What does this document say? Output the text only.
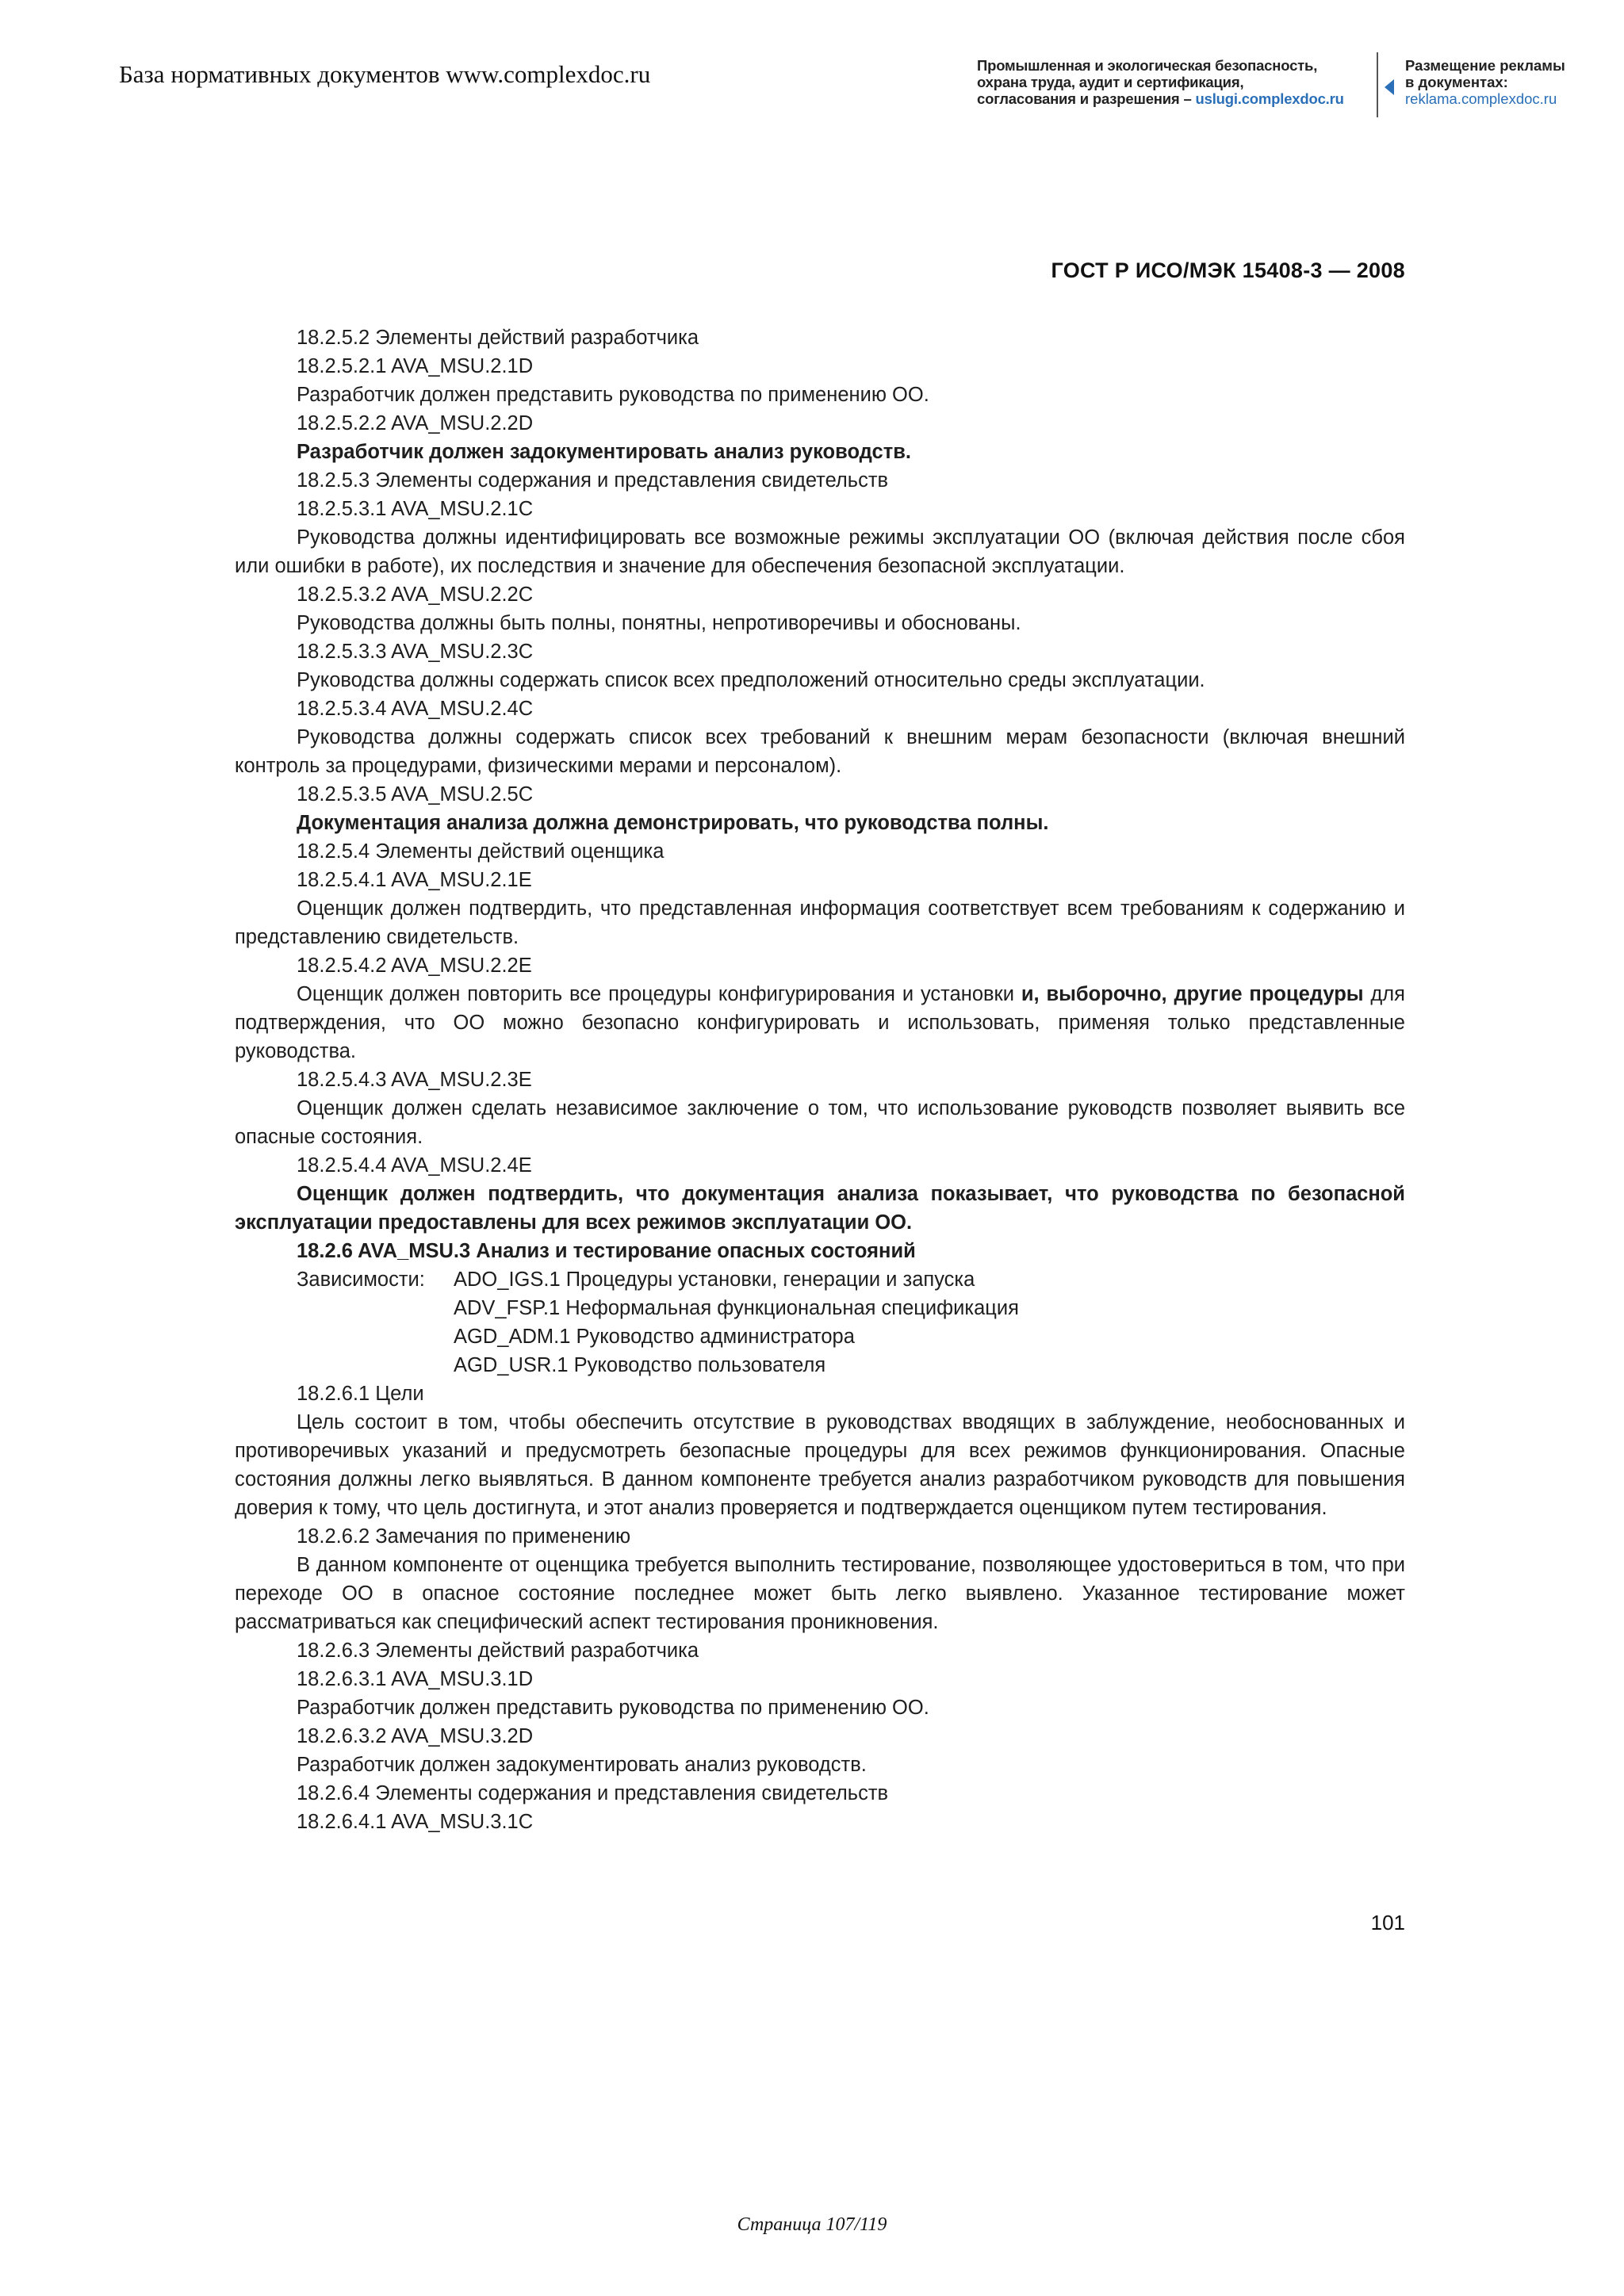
База нормативных документов www.complexdoc.ru	Промышленная и экологическая безопасность,
охрана труда, аудит и сертификация,
согласования и разрешения – uslugi.complexdoc.ru
Размещение рекламы
в документах:
reklama.complexdoc.ru
ГОСТ Р ИСО/МЭК 15408-3 — 2008

18.2.5.2 Элементы действий разработчика

18.2.5.2.1 AVA_MSU.2.1D

Разработчик должен представить руководства по применению ОО.

18.2.5.2.2 AVA_MSU.2.2D

Разработчик должен задокументировать анализ руководств.

18.2.5.3 Элементы содержания и представления свидетельств

18.2.5.3.1 AVA_MSU.2.1C

Руководства должны идентифицировать все возможные режимы эксплуатации ОО (включая действия после сбоя или ошибки в работе), их последствия и значение для обеспечения безопасной эксплуатации.

18.2.5.3.2 AVA_MSU.2.2C

Руководства должны быть полны, понятны, непротиворечивы и обоснованы.

18.2.5.3.3 AVA_MSU.2.3C

Руководства должны содержать список всех предположений относительно среды эксплуатации.

18.2.5.3.4 AVA_MSU.2.4C

Руководства должны содержать список всех требований к внешним мерам безопасности (включая внешний контроль за процедурами, физическими мерами и персоналом).

18.2.5.3.5 AVA_MSU.2.5C

Документация анализа должна демонстрировать, что руководства полны.

18.2.5.4 Элементы действий оценщика

18.2.5.4.1 AVA_MSU.2.1E

Оценщик должен подтвердить, что представленная информация соответствует всем требованиям к содержанию и представлению свидетельств.

18.2.5.4.2 AVA_MSU.2.2E

Оценщик должен повторить все процедуры конфигурирования и установки и, выборочно, другие процедуры для подтверждения, что ОО можно безопасно конфигурировать и использовать, применяя только представленные руководства.

18.2.5.4.3 AVA_MSU.2.3E

Оценщик должен сделать независимое заключение о том, что использование руководств позволяет выявить все опасные состояния.

18.2.5.4.4 AVA_MSU.2.4E

Оценщик должен подтвердить, что документация анализа показывает, что руководства по безопасной эксплуатации предоставлены для всех режимов эксплуатации ОО.

18.2.6 AVA_MSU.3 Анализ и тестирование опасных состояний

Зависимости:	ADO_IGS.1 Процедуры установки, генерации и запуска
ADV_FSP.1 Неформальная функциональная спецификация
AGD_ADM.1 Руководство администратора
AGD_USR.1 Руководство пользователя

18.2.6.1 Цели

Цель состоит в том, чтобы обеспечить отсутствие в руководствах вводящих в заблуждение, необоснованных и противоречивых указаний и предусмотреть безопасные процедуры для всех режимов функционирования. Опасные состояния должны легко выявляться. В данном компоненте требуется анализ разработчиком руководств для повышения доверия к тому, что цель достигнута, и этот анализ проверяется и подтверждается оценщиком путем тестирования.

18.2.6.2 Замечания по применению

В данном компоненте от оценщика требуется выполнить тестирование, позволяющее удостовериться в том, что при переходе ОО в опасное состояние последнее может быть легко выявлено. Указанное тестирование может рассматриваться как специфический аспект тестирования проникновения.

18.2.6.3 Элементы действий разработчика

18.2.6.3.1 AVA_MSU.3.1D

Разработчик должен представить руководства по применению ОО.

18.2.6.3.2 AVA_MSU.3.2D

Разработчик должен задокументировать анализ руководств.

18.2.6.4 Элементы содержания и представления свидетельств

18.2.6.4.1 AVA_MSU.3.1C

101
Страница 107/119
